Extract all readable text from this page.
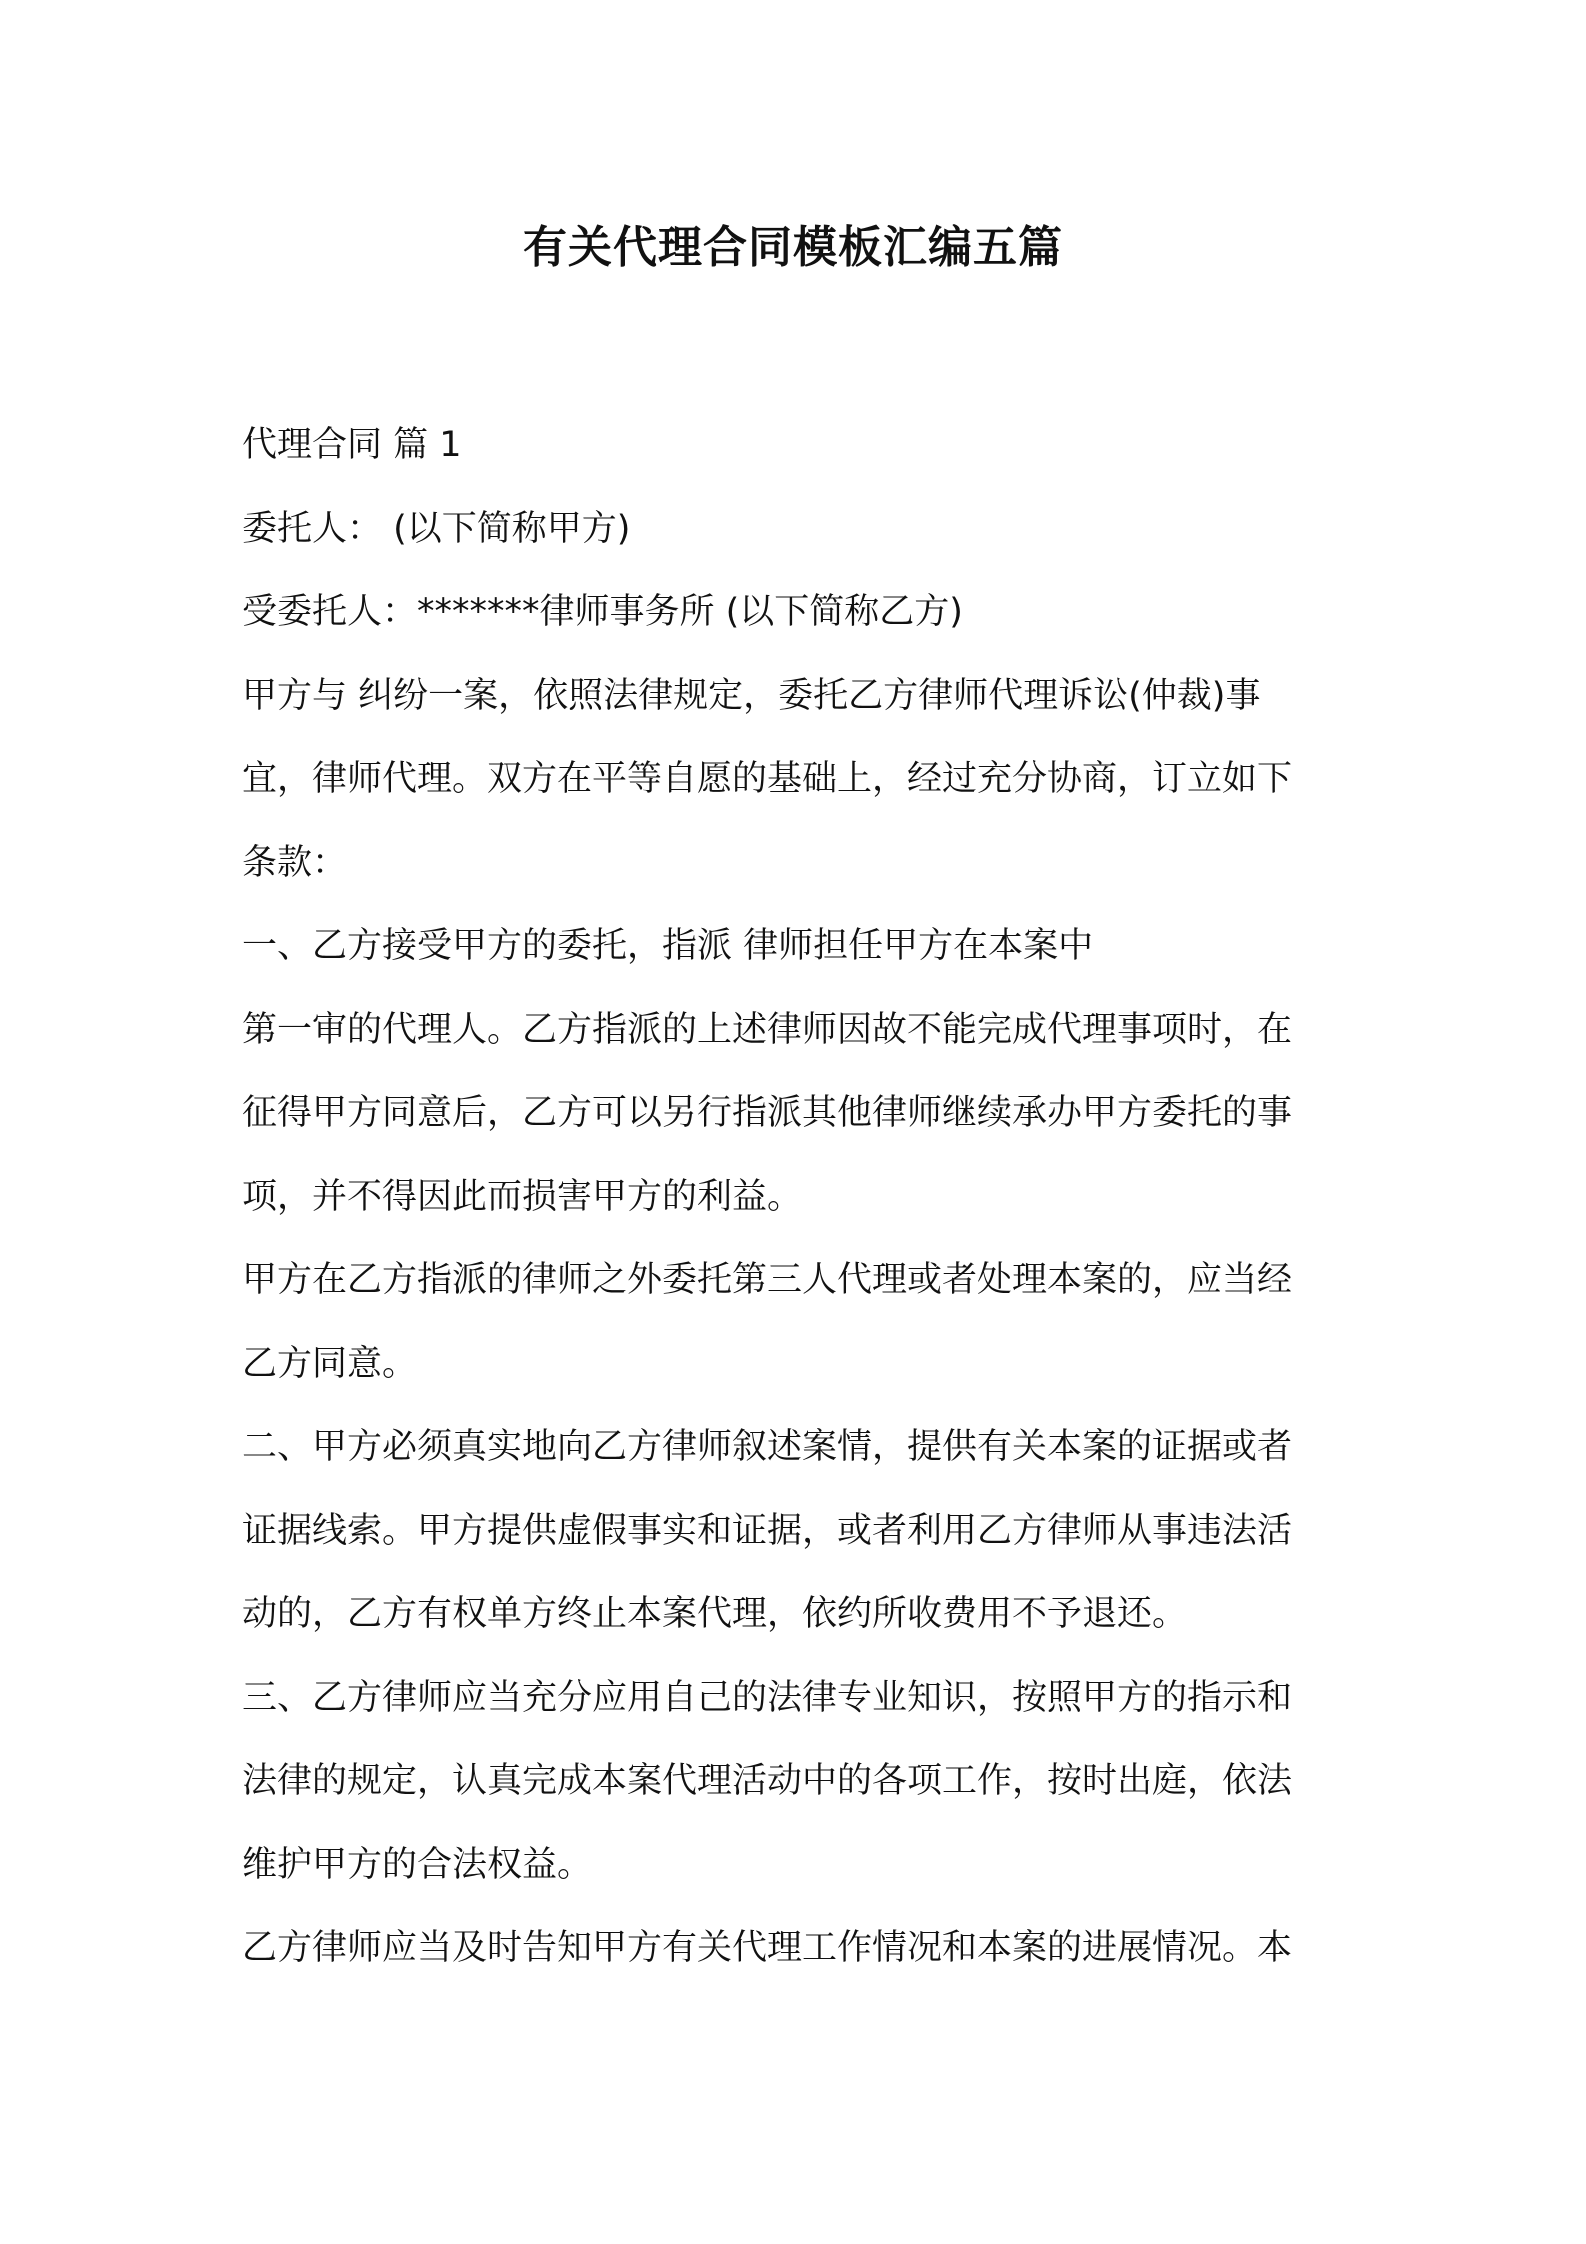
有关代理合同模板汇编五篇

代理合同 篇 1

委托人： (以下简称甲方)

受委托人：*******律师事务所 (以下简称乙方)

甲方与 纠纷一案，依照法律规定，委托乙方律师代理诉讼(仲裁)事

宜，律师代理。双方在平等自愿的基础上，经过充分协商，订立如下

条款：

一、乙方接受甲方的委托，指派 律师担任甲方在本案中

第一审的代理人。乙方指派的上述律师因故不能完成代理事项时，在

征得甲方同意后，乙方可以另行指派其他律师继续承办甲方委托的事

项，并不得因此而损害甲方的利益。

甲方在乙方指派的律师之外委托第三人代理或者处理本案的，应当经

乙方同意。

二、甲方必须真实地向乙方律师叙述案情，提供有关本案的证据或者

证据线索。甲方提供虚假事实和证据，或者利用乙方律师从事违法活

动的，乙方有权单方终止本案代理，依约所收费用不予退还。

三、乙方律师应当充分应用自己的法律专业知识，按照甲方的指示和

法律的规定，认真完成本案代理活动中的各项工作，按时出庭，依法

维护甲方的合法权益。

乙方律师应当及时告知甲方有关代理工作情况和本案的进展情况。本
